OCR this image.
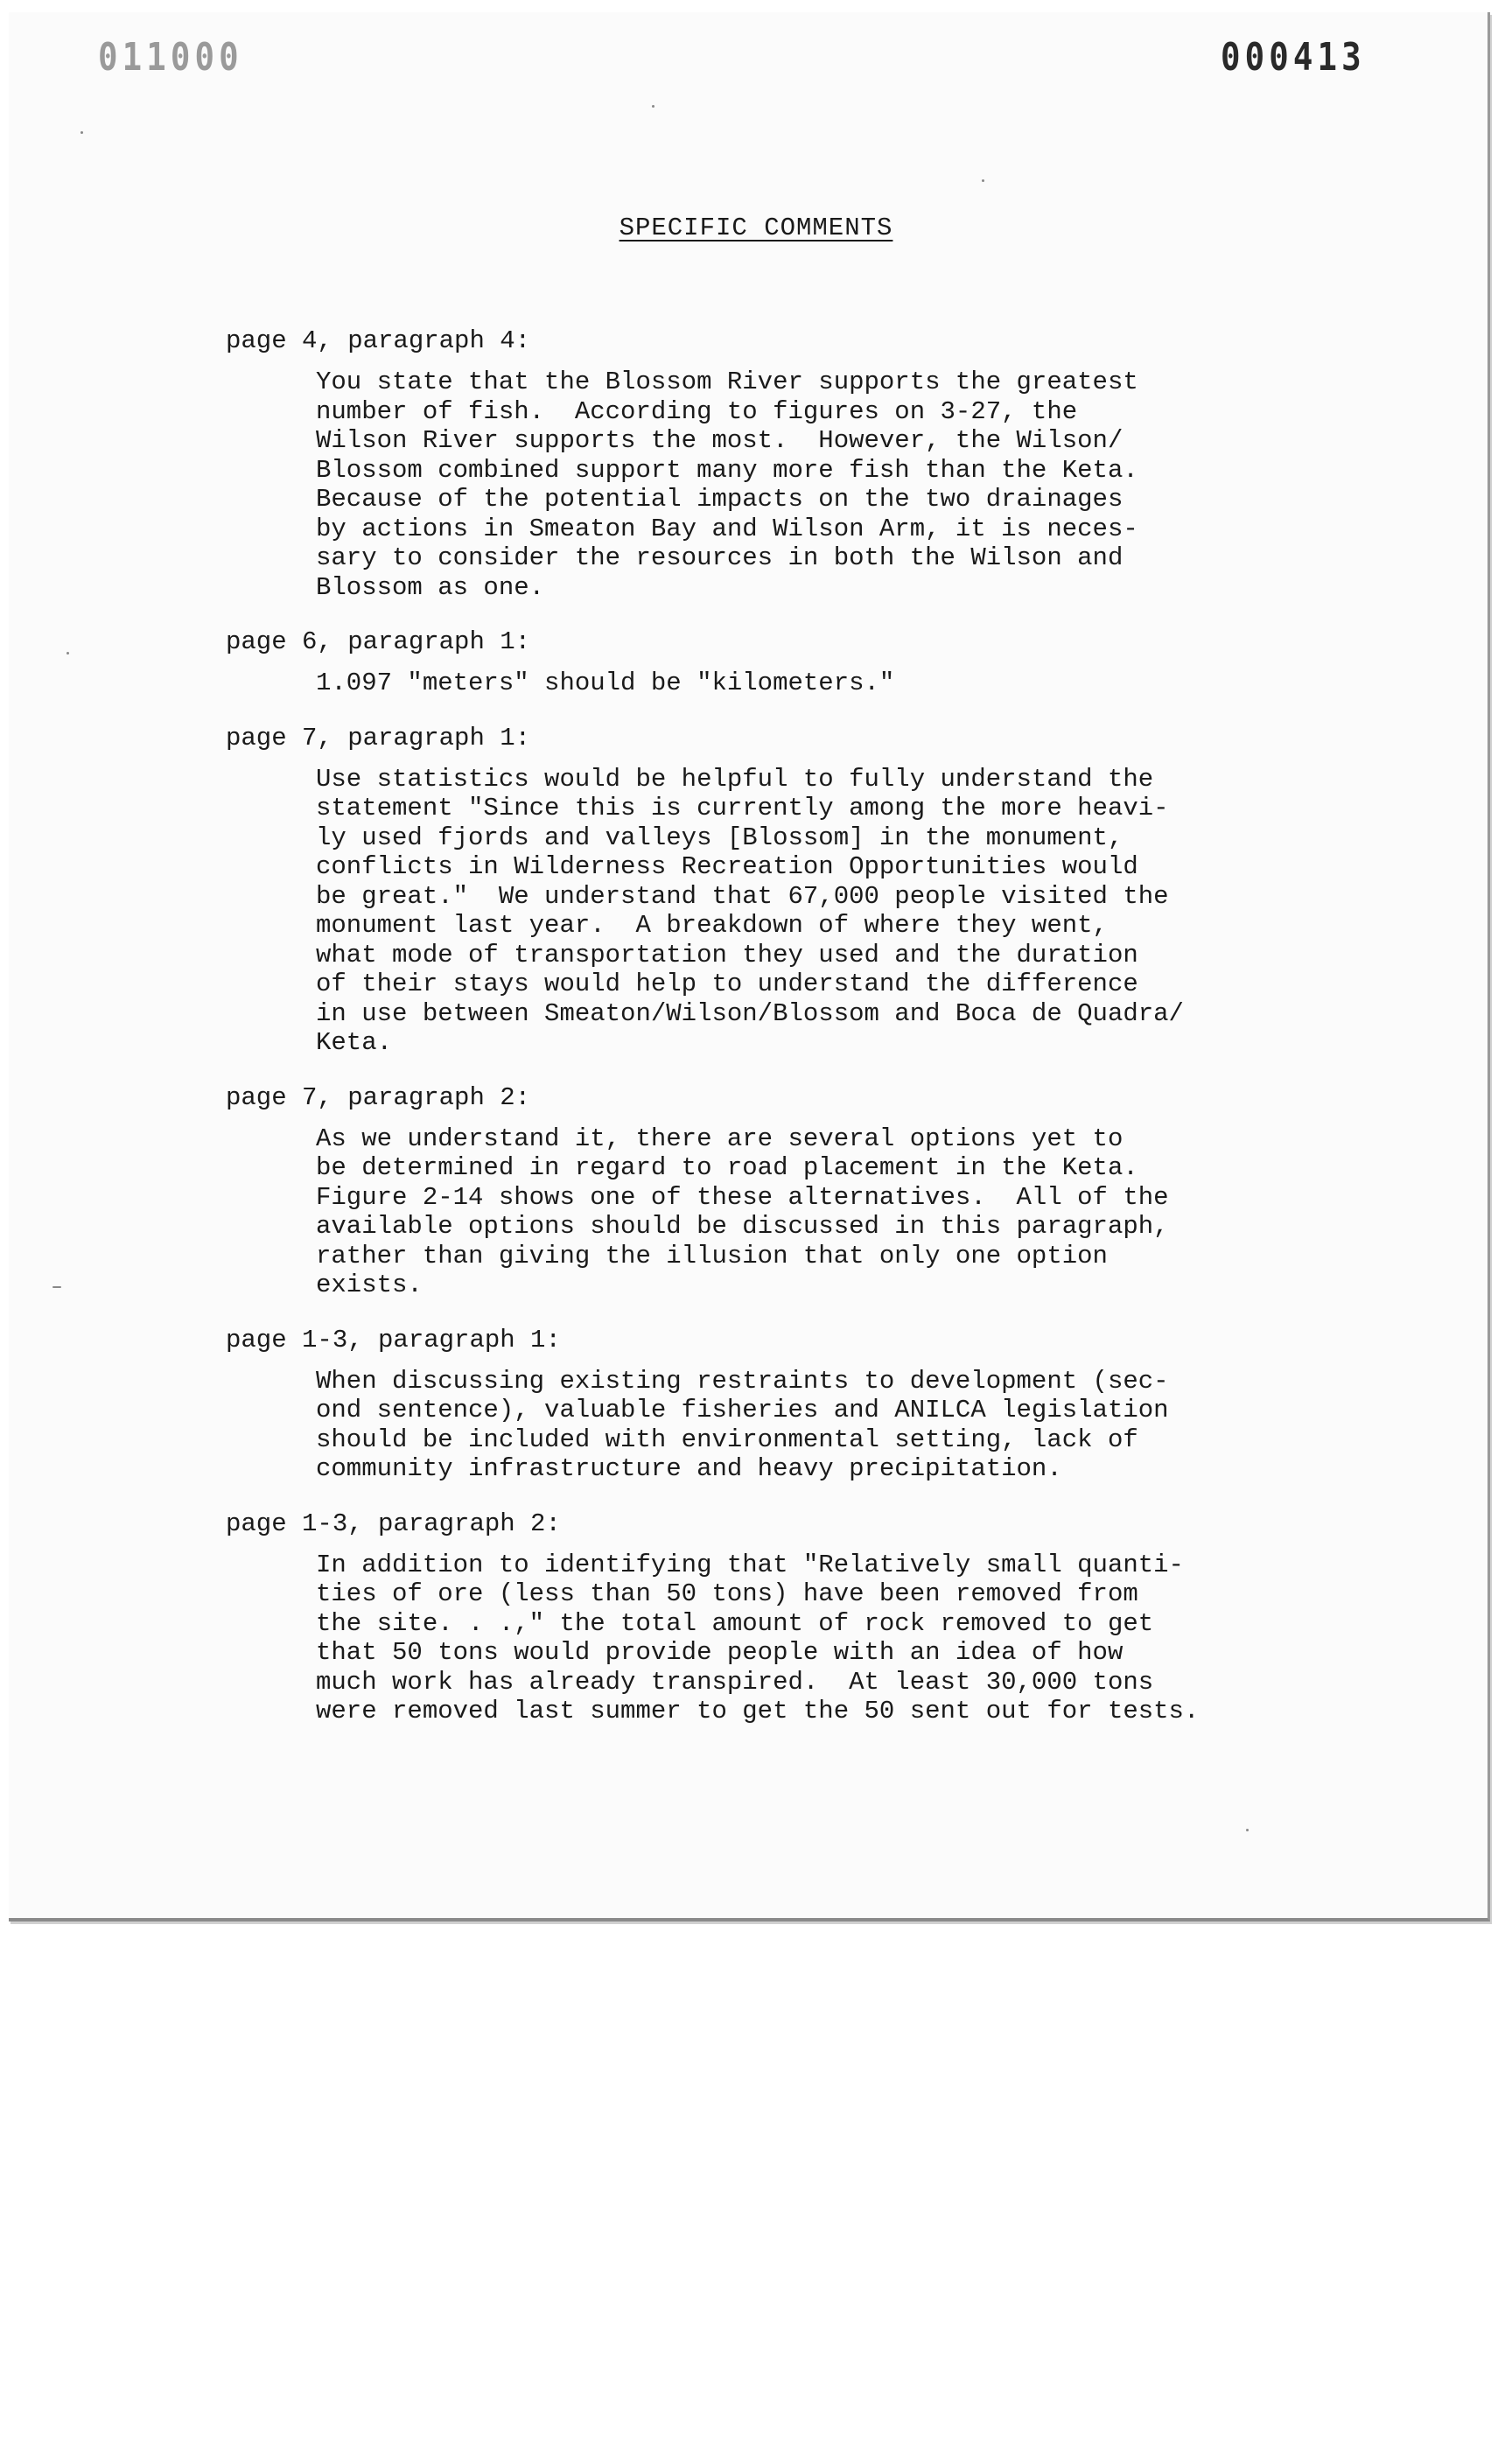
011000	000413
SPECIFIC COMMENTS
page 4, paragraph 4:
You state that the Blossom River supports the greatest
number of fish.  According to figures on 3-27, the
Wilson River supports the most.  However, the Wilson/
Blossom combined support many more fish than the Keta.
Because of the potential impacts on the two drainages
by actions in Smeaton Bay and Wilson Arm, it is neces-
sary to consider the resources in both the Wilson and
Blossom as one.
page 6, paragraph 1:
1.097 "meters" should be "kilometers."
page 7, paragraph 1:
Use statistics would be helpful to fully understand the
statement "Since this is currently among the more heavi-
ly used fjords and valleys [Blossom] in the monument,
conflicts in Wilderness Recreation Opportunities would
be great."  We understand that 67,000 people visited the
monument last year.  A breakdown of where they went,
what mode of transportation they used and the duration
of their stays would help to understand the difference
in use between Smeaton/Wilson/Blossom and Boca de Quadra/
Keta.
page 7, paragraph 2:
As we understand it, there are several options yet to
be determined in regard to road placement in the Keta.
Figure 2-14 shows one of these alternatives.  All of the
available options should be discussed in this paragraph,
rather than giving the illusion that only one option
exists.
page 1-3, paragraph 1:
When discussing existing restraints to development (sec-
ond sentence), valuable fisheries and ANILCA legislation
should be included with environmental setting, lack of
community infrastructure and heavy precipitation.
page 1-3, paragraph 2:
In addition to identifying that "Relatively small quanti-
ties of ore (less than 50 tons) have been removed from
the site. . .," the total amount of rock removed to get
that 50 tons would provide people with an idea of how
much work has already transpired.  At least 30,000 tons
were removed last summer to get the 50 sent out for tests.
